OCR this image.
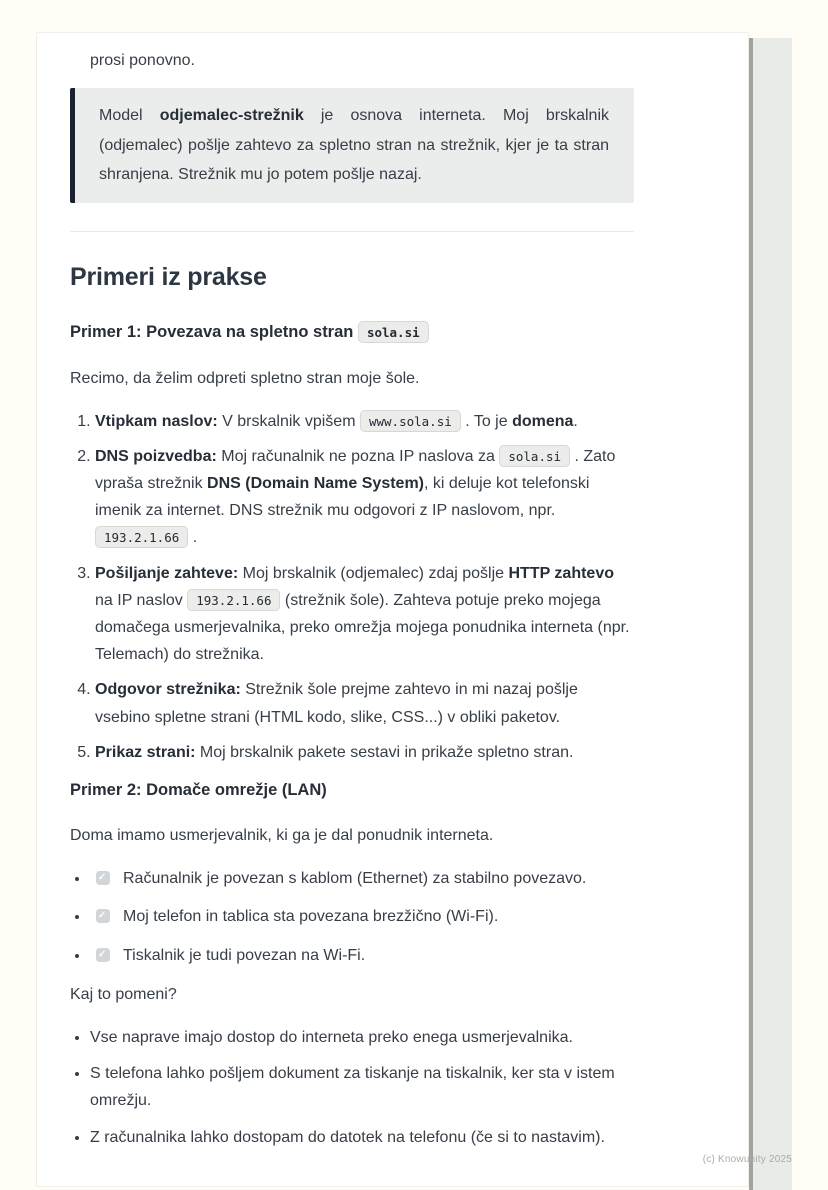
prosi ponovno.

Model odjemalec-strežnik je osnova interneta. Moj brskalnik (odjemalec) pošlje zahtevo za spletno stran na strežnik, kjer je ta stran shranjena. Strežnik mu jo potem pošlje nazaj.

Primeri iz prakse
Primer 1: Povezava na spletno stran sola.si

Recimo, da želim odpreti spletno stran moje šole.

1. Vtipkam naslov: V brskalnik vpišem www.sola.si . To je domena.
2. DNS poizvedba: Moj računalnik ne pozna IP naslova za sola.si . Zato vpraša strežnik DNS (Domain Name System), ki deluje kot telefonski imenik za internet. DNS strežnik mu odgovori z IP naslovom, npr. 193.2.1.66 .
3. Pošiljanje zahteve: Moj brskalnik (odjemalec) zdaj pošlje HTTP zahtevo na IP naslov 193.2.1.66 (strežnik šole). Zahteva potuje preko mojega domačega usmerjevalnika, preko omrežja mojega ponudnika interneta (npr. Telemach) do strežnika.
4. Odgovor strežnika: Strežnik šole prejme zahtevo in mi nazaj pošlje vsebino spletne strani (HTML kodo, slike, CSS...) v obliki paketov.
5. Prikaz strani: Moj brskalnik pakete sestavi in prikaže spletno stran.
Primer 2: Domače omrežje (LAN)

Doma imamo usmerjevalnik, ki ga je dal ponudnik interneta.

• ✓ Računalnik je povezan s kablom (Ethernet) za stabilno povezavo.
• ✓ Moj telefon in tablica sta povezana brezžično (Wi-Fi).
• ✓ Tiskalnik je tudi povezan na Wi-Fi.

Kaj to pomeni?

• Vse naprave imajo dostop do interneta preko enega usmerjevalnika.
• S telefona lahko pošljem dokument za tiskanje na tiskalnik, ker sta v istem omrežju.
• Z računalnika lahko dostopam do datotek na telefonu (če si to nastavim).
(c) Knowunity 2025
